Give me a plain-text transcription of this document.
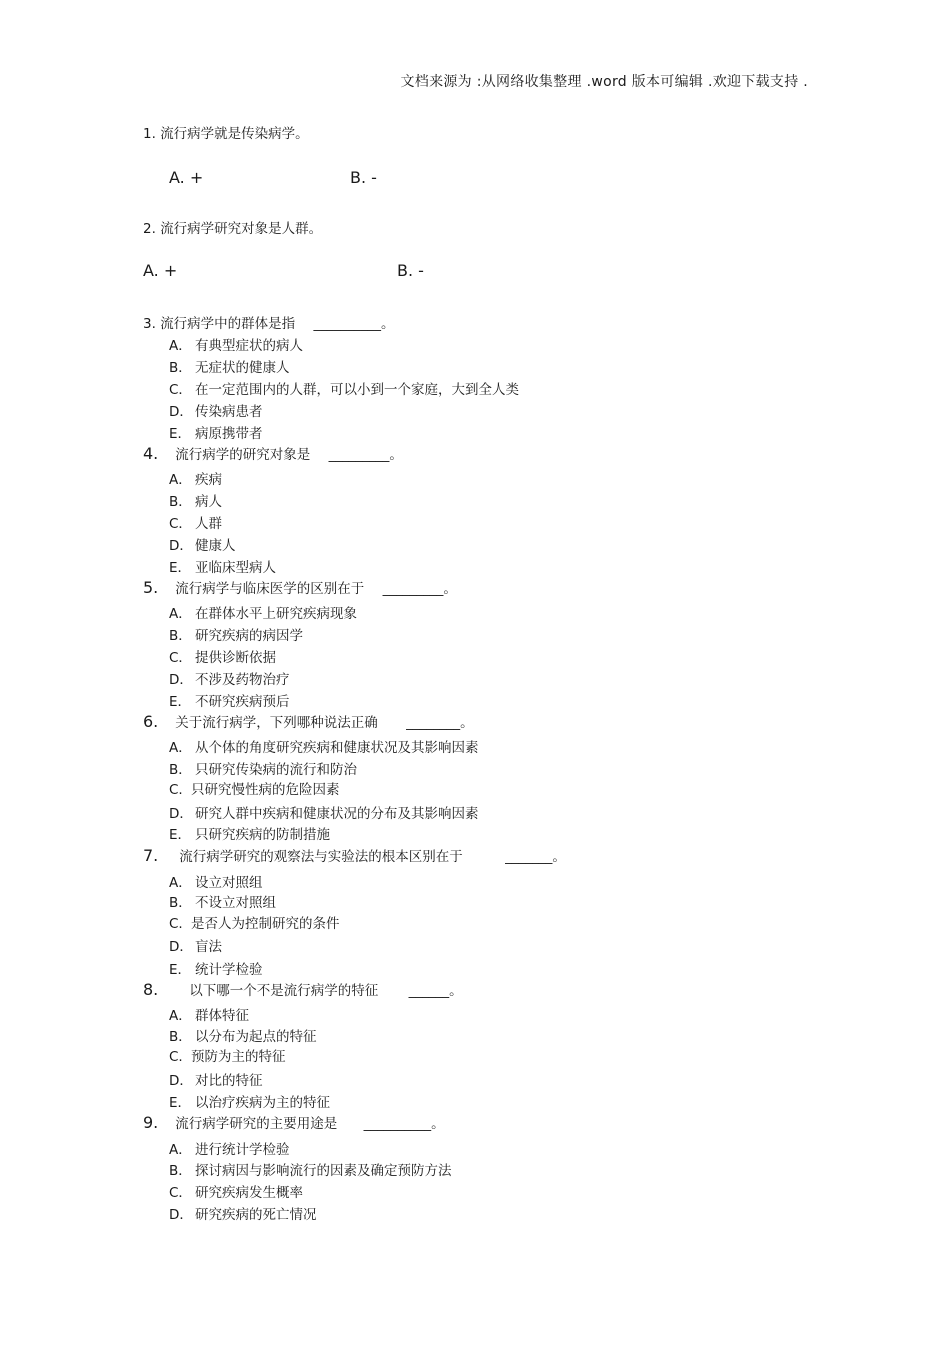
文档来源为 :从网络收集整理 .word 版本可编辑 .欢迎下载支持 .
1. 流行病学就是传染病学。
A. +	B. -
2. 流行病学研究对象是人群。
A. +	B. -
3. 流行病学中的群体是指 __________。
A． 有典型症状的病人
B． 无症状的健康人
C． 在一定范围内的人群，可以小到一个家庭，大到全人类
D． 传染病患者
E． 病原携带者
4. 流行病学的研究对象是 _________。
A． 疾病
B． 病人
C． 人群
D． 健康人
E． 亚临床型病人
5. 流行病学与临床医学的区别在于 _________。
A． 在群体水平上研究疾病现象
B． 研究疾病的病因学
C． 提供诊断依据
D． 不涉及药物治疗
E． 不研究疾病预后
6. 关于流行病学，下列哪种说法正确 ________。
A． 从个体的角度研究疾病和健康状况及其影响因素
B． 只研究传染病的流行和防治
C. 只研究慢性病的危险因素
D． 研究人群中疾病和健康状况的分布及其影响因素
E． 只研究疾病的防制措施
7. 流行病学研究的观察法与实验法的根本区别在于	_______。
A． 设立对照组
B． 不设立对照组
C. 是否人为控制研究的条件
D． 盲法
E． 统计学检验
8. 以下哪一个不是流行病学的特征 ______。
A． 群体特征
B． 以分布为起点的特征
C. 预防为主的特征
D． 对比的特征
E． 以治疗疾病为主的特征
9. 流行病学研究的主要用途是 __________。
A． 进行统计学检验
B． 探讨病因与影响流行的因素及确定预防方法
C． 研究疾病发生概率
D． 研究疾病的死亡情况
